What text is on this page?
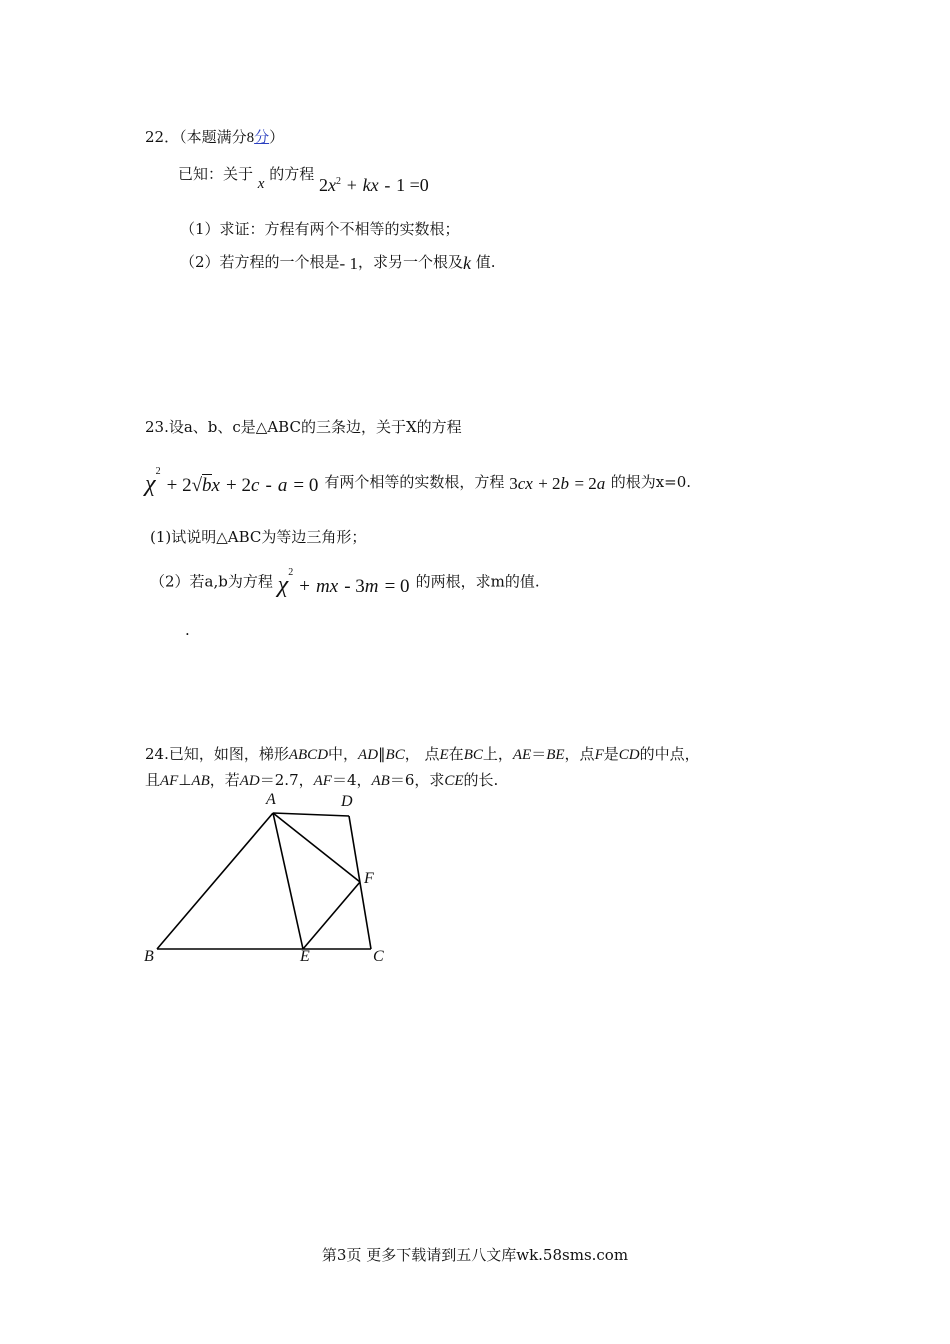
22．（本题满分8分）
已知：关于 x 的方程 $2x^2$ + kx - 1 =0
（1）求证：方程有两个不相等的实数根；
（2）若方程的一个根是- 1，求另一个根及k 值.
23.设a、b、c是△ABC的三条边，关于X的方程
$\chi^2 + 2√bx + 2c - a = 0$ 有两个相等的实数根，方程 3cx + 2b = 2a 的根为x=0.
(1)试说明△ABC为等边三角形；
（2）若a,b为方程 $\chi^2$ + mx - 3m = 0 的两根，求m的值.
.
24.已知，如图，梯形ABCD中，AD∥BC， 点E在BC上，AE＝BE，点F是CD的中点，
且AF⊥AB，若AD＝2.7，AF＝4，AB＝6，求CE的长.
A	D
F
B	E	C
第3页 更多下载请到五八文库wk.58sms.com
